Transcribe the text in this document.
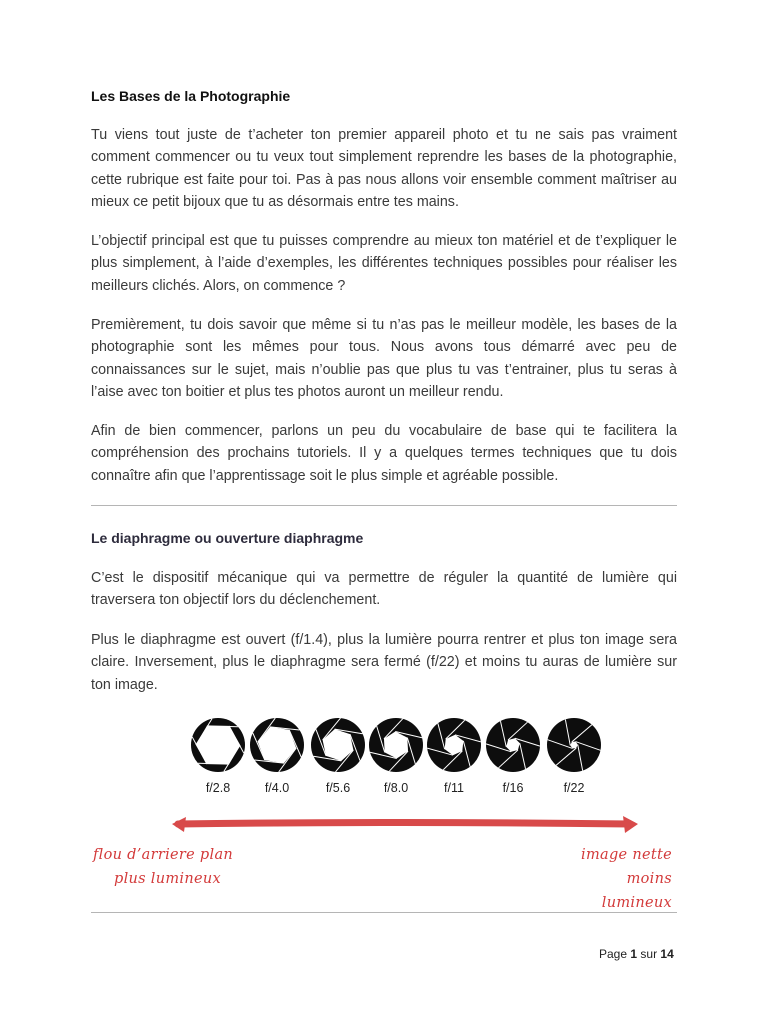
Les Bases de la Photographie

Tu viens tout juste de t’acheter ton premier appareil photo et tu ne sais pas vraiment comment commencer ou tu veux tout simplement reprendre les bases de la photographie, cette rubrique est faite pour toi. Pas à pas nous allons voir ensemble comment maîtriser au mieux ce petit bijoux que tu as désormais entre tes mains.

L’objectif principal est que tu puisses comprendre au mieux ton matériel et de t’expliquer le plus simplement, à l’aide d’exemples, les différentes techniques possibles pour réaliser les meilleurs clichés. Alors, on commence ?

Premièrement, tu dois savoir que même si tu n’as pas le meilleur modèle, les bases de la photographie sont les mêmes pour tous. Nous avons tous démarré avec peu de connaissances sur le sujet, mais n’oublie pas que plus tu vas t’entrainer, plus tu seras à l’aise avec ton boitier et plus tes photos auront un meilleur rendu.

Afin de bien commencer, parlons un peu du vocabulaire de base qui te facilitera la compréhension des prochains tutoriels. Il y a quelques termes techniques que tu dois connaître afin que l’apprentissage soit le plus simple et agréable possible.

Le diaphragme ou ouverture diaphragme

C’est le dispositif mécanique qui va permettre de réguler la quantité de lumière qui traversera ton objectif lors du déclenchement.

Plus le diaphragme est ouvert (f/1.4), plus la lumière pourra rentrer et plus ton image sera claire. Inversement, plus le diaphragme sera fermé (f/22) et moins tu auras de lumière sur ton image.

f/2.8	f/4.0	f/5.6	f/8.0	f/11	f/16	f/22
flou d’arriere plan
plus lumineux
image nette
moins lumineux
Page 1 sur 14
